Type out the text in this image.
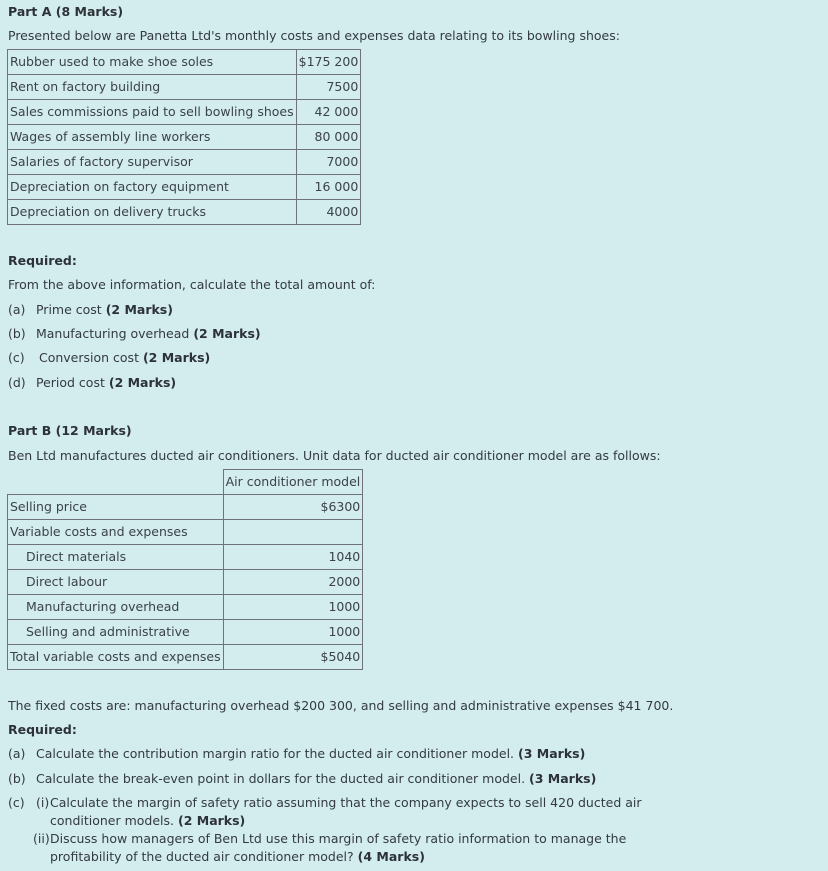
Part A (8 Marks)
Presented below are Panetta Ltd's monthly costs and expenses data relating to its bowling shoes:
Rubber used to make shoe soles	$175 200
Rent on factory building	7500
Sales commissions paid to sell bowling shoes	42 000
Wages of assembly line workers	80 000
Salaries of factory supervisor	7000
Depreciation on factory equipment	16 000
Depreciation on delivery trucks	4000
Required:
From the above information, calculate the total amount of:
(a) Prime cost (2 Marks)
(b) Manufacturing overhead (2 Marks)
(c) Conversion cost (2 Marks)
(d) Period cost (2 Marks)
Part B (12 Marks)
Ben Ltd manufactures ducted air conditioners. Unit data for ducted air conditioner model are as follows:
	Air conditioner model
Selling price	$6300
Variable costs and expenses	
Direct materials	1040
Direct labour	2000
Manufacturing overhead	1000
Selling and administrative	1000
Total variable costs and expenses	$5040
The fixed costs are: manufacturing overhead $200 300, and selling and administrative expenses $41 700.
Required:
(a) Calculate the contribution margin ratio for the ducted air conditioner model. (3 Marks)
(b) Calculate the break-even point in dollars for the ducted air conditioner model. (3 Marks)
(c) (i) Calculate the margin of safety ratio assuming that the company expects to sell 420 ducted air
conditioner models. (2 Marks)
(ii) Discuss how managers of Ben Ltd use this margin of safety ratio information to manage the
profitability of the ducted air conditioner model? (4 Marks)
